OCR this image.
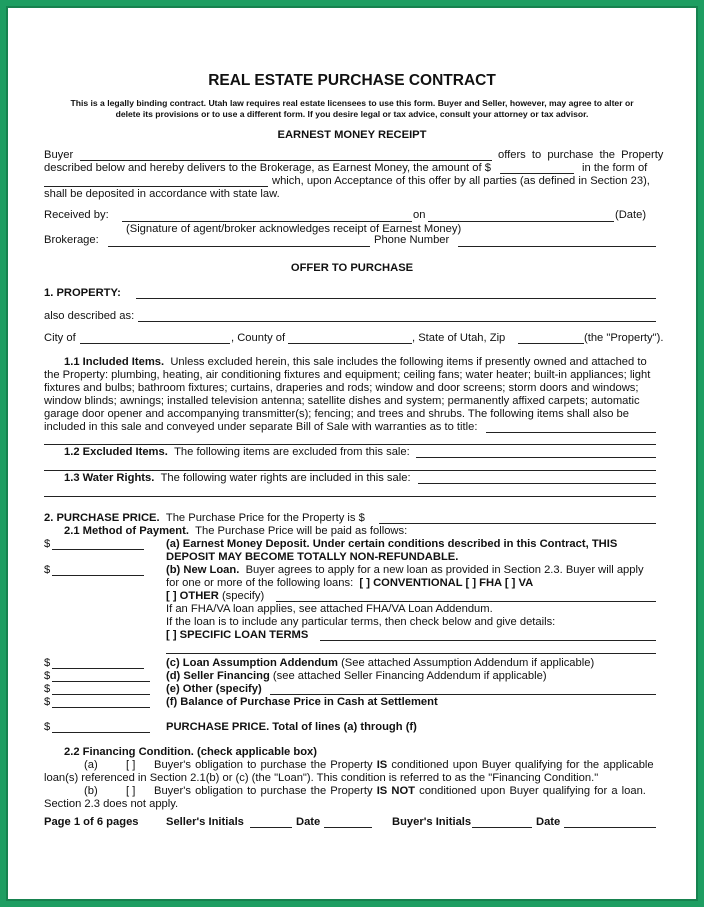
REAL ESTATE PURCHASE CONTRACT
This is a legally binding contract. Utah law requires real estate licensees to use this form. Buyer and Seller, however, may agree to alter or
delete its provisions or to use a different form. If you desire legal or tax advice, consult your attorney or tax advisor.
EARNEST MONEY RECEIPT
Buyer	offers to purchase the Property
described below and hereby delivers to the Brokerage, as Earnest Money, the amount of $	in the form of
which, upon Acceptance of this offer by all parties (as defined in Section 23),
shall be deposited in accordance with state law.
Received by:	on	(Date)
(Signature of agent/broker acknowledges receipt of Earnest Money)
Brokerage:	Phone Number
OFFER TO PURCHASE
1. PROPERTY:
also described as:
City of	, County of	, State of Utah, Zip	(the "Property").
1.1 Included Items. Unless excluded herein, this sale includes the following items if presently owned and attached to
the Property: plumbing, heating, air conditioning fixtures and equipment; ceiling fans; water heater; built-in appliances; light
fixtures and bulbs; bathroom fixtures; curtains, draperies and rods; window and door screens; storm doors and windows;
window blinds; awnings; installed television antenna; satellite dishes and system; permanently affixed carpets; automatic
garage door opener and accompanying transmitter(s); fencing; and trees and shrubs. The following items shall also be
included in this sale and conveyed under separate Bill of Sale with warranties as to title:
1.2 Excluded Items. The following items are excluded from this sale:
1.3 Water Rights. The following water rights are included in this sale:
2. PURCHASE PRICE. The Purchase Price for the Property is $
2.1 Method of Payment. The Purchase Price will be paid as follows:
$	(a) Earnest Money Deposit. Under certain conditions described in this Contract, THIS
DEPOSIT MAY BECOME TOTALLY NON-REFUNDABLE.
$	(b) New Loan. Buyer agrees to apply for a new loan as provided in Section 2.3. Buyer will apply
for one or more of the following loans: [ ] CONVENTIONAL [ ] FHA [ ] VA
[ ] OTHER (specify)
If an FHA/VA loan applies, see attached FHA/VA Loan Addendum.
If the loan is to include any particular terms, then check below and give details:
[ ] SPECIFIC LOAN TERMS
$	(c) Loan Assumption Addendum (See attached Assumption Addendum if applicable)
$	(d) Seller Financing (see attached Seller Financing Addendum if applicable)
$	(e) Other (specify)
$	(f) Balance of Purchase Price in Cash at Settlement
$	PURCHASE PRICE. Total of lines (a) through (f)
2.2 Financing Condition. (check applicable box)
(a)	[ ] Buyer's obligation to purchase the Property IS conditioned upon Buyer qualifying for the applicable
loan(s) referenced in Section 2.1(b) or (c) (the "Loan"). This condition is referred to as the "Financing Condition."
(b)	[ ] Buyer's obligation to purchase the Property IS NOT conditioned upon Buyer qualifying for a loan.
Section 2.3 does not apply.
Page 1 of 6 pages Seller's Initials	Date	Buyer's Initials	Date
